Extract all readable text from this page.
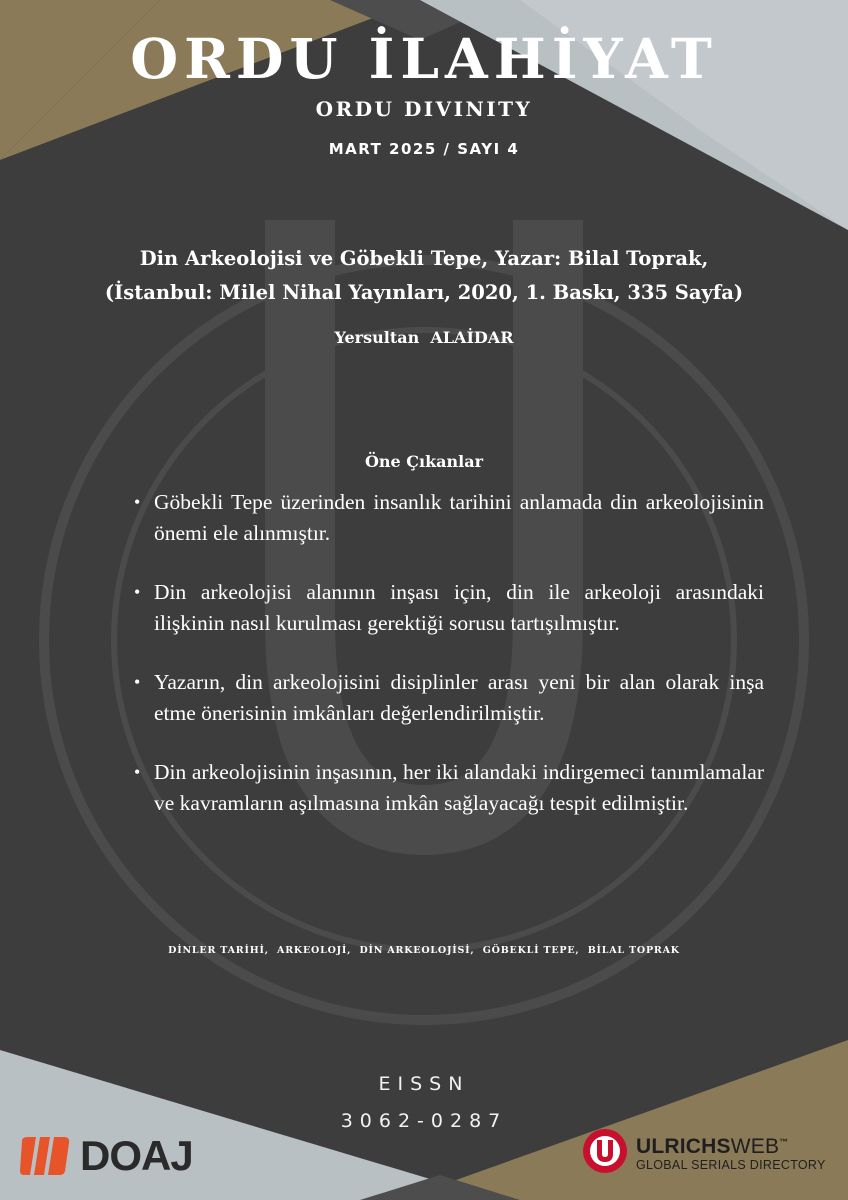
ORDU İLAHİYAT
ORDU DIVINITY
MART 2025 / SAYI 4
Din Arkeolojisi ve Göbekli Tepe, Yazar: Bilal Toprak,
(İstanbul: Milel Nihal Yayınları, 2020, 1. Baskı, 335 Sayfa)
Yersultan  ALAİDAR
Öne Çıkanlar
• Göbekli Tepe üzerinden insanlık tarihini anlamada din arkeolojisinin önemi ele alınmıştır.
• Din arkeolojisi alanının inşası için, din ile arkeoloji arasındaki ilişkinin nasıl kurulması gerektiği sorusu tartışılmıştır.
• Yazarın, din arkeolojisini disiplinler arası yeni bir alan olarak inşa etme önerisinin imkânları değerlendirilmiştir.
• Din arkeolojisinin inşasının, her iki alandaki indirgemeci tanımlamalar ve kavramların aşılmasına imkân sağlayacağı tespit edilmiştir.
DİNLER TARİHİ,  ARKEOLOJİ,  DİN ARKEOLOJİSİ,  GÖBEKLİ TEPE,  BİLAL TOPRAK
EISSN
3062-0287
DOAJ	ULRICHSWEB™
GLOBAL SERIALS DIRECTORY
